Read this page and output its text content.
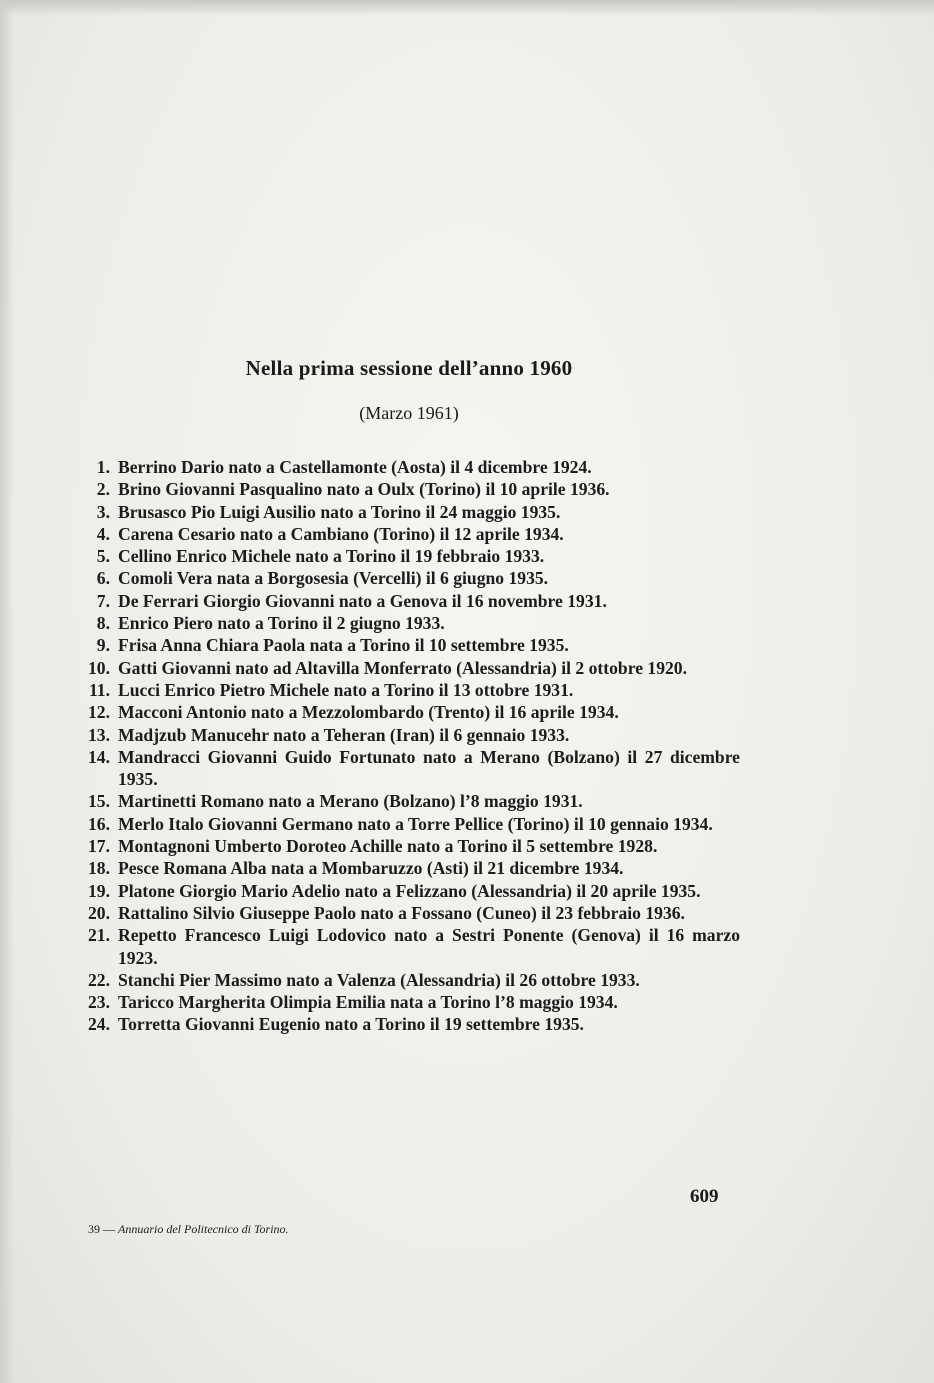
Nella prima sessione dell’anno 1960
(Marzo 1961)
1. Berrino Dario nato a Castellamonte (Aosta) il 4 dicembre 1924.
2. Brino Giovanni Pasqualino nato a Oulx (Torino) il 10 aprile 1936.
3. Brusasco Pio Luigi Ausilio nato a Torino il 24 maggio 1935.
4. Carena Cesario nato a Cambiano (Torino) il 12 aprile 1934.
5. Cellino Enrico Michele nato a Torino il 19 febbraio 1933.
6. Comoli Vera nata a Borgosesia (Vercelli) il 6 giugno 1935.
7. De Ferrari Giorgio Giovanni nato a Genova il 16 novembre 1931.
8. Enrico Piero nato a Torino il 2 giugno 1933.
9. Frisa Anna Chiara Paola nata a Torino il 10 settembre 1935.
10. Gatti Giovanni nato ad Altavilla Monferrato (Alessandria) il 2 ottobre 1920.
11. Lucci Enrico Pietro Michele nato a Torino il 13 ottobre 1931.
12. Macconi Antonio nato a Mezzolombardo (Trento) il 16 aprile 1934.
13. Madjzub Manucehr nato a Teheran (Iran) il 6 gennaio 1933.
14. Mandracci Giovanni Guido Fortunato nato a Merano (Bolzano) il 27 dicembre 1935.
15. Martinetti Romano nato a Merano (Bolzano) l’8 maggio 1931.
16. Merlo Italo Giovanni Germano nato a Torre Pellice (Torino) il 10 gennaio 1934.
17. Montagnoni Umberto Doroteo Achille nato a Torino il 5 settembre 1928.
18. Pesce Romana Alba nata a Mombaruzzo (Asti) il 21 dicembre 1934.
19. Platone Giorgio Mario Adelio nato a Felizzano (Alessandria) il 20 aprile 1935.
20. Rattalino Silvio Giuseppe Paolo nato a Fossano (Cuneo) il 23 febbraio 1936.
21. Repetto Francesco Luigi Lodovico nato a Sestri Ponente (Genova) il 16 marzo 1923.
22. Stanchi Pier Massimo nato a Valenza (Alessandria) il 26 ottobre 1933.
23. Taricco Margherita Olimpia Emilia nata a Torino l’8 maggio 1934.
24. Torretta Giovanni Eugenio nato a Torino il 19 settembre 1935.
609
39 — Annuario del Politecnico di Torino.
